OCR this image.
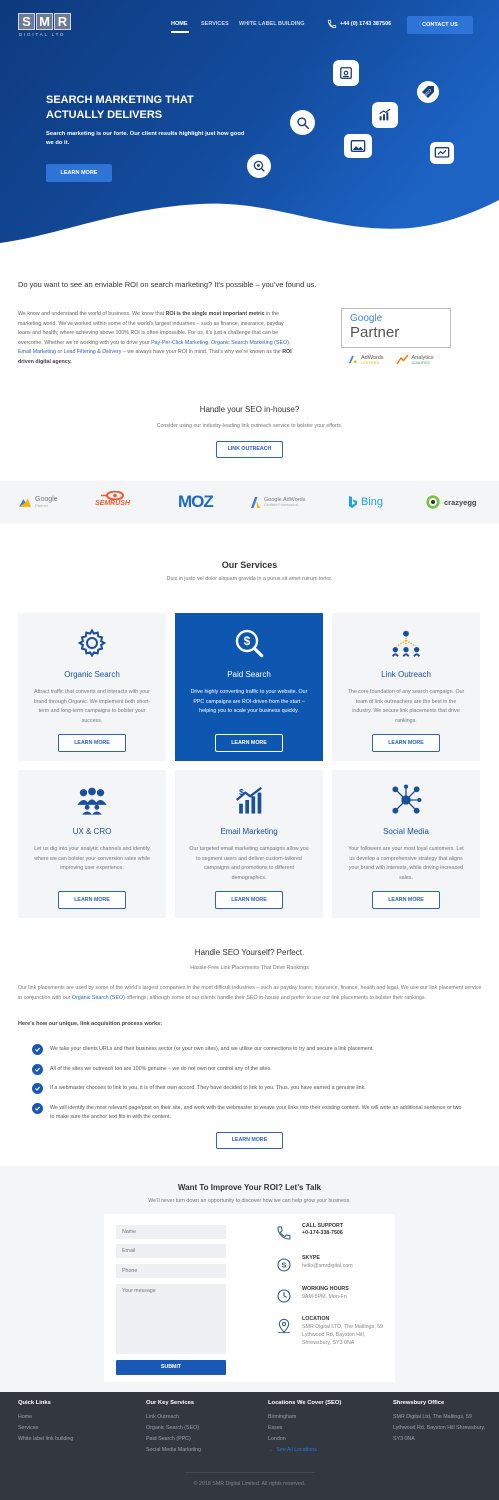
S M R
DIGITAL LTD
HOME SERVICES WHITE LABEL BUILDING	+44 (0) 1743 387506	CONTACT US
SEARCH MARKETING THAT ACTUALLY DELIVERS
Search marketing is our forte. Our client results highlight just how good we do it.
LEARN MORE
SEO
Do you want to see an enviable ROI on search marketing? It’s possible – you’ve found us.
We know and understand the world of business. We know that ROI is the single most important metric in the marketing world. We’ve worked within some of the world’s largest industries – such as finance, insurance, payday loans and health; where achieving above 100% ROI is often impossible. For us, it’s just a challenge that can be overcome. Whether we’re working with you to drive your Pay-Per-Click Marketing, Organic Search Marketing (SEO), Email Marketing or Lead Filtering & Delivery – we always have your ROI in mind. That’s why we’re known as the ROI driven digital agency.
Google
Partner
AdWords
CERTIFIED
Analytics
QUALIFIED
Handle your SEO in-house?
Consider using our industry-leading link outreach service to bolster your efforts.
LINK OUTREACH
Google
Partner	SEMRUSH	MOZ	Google AdWords
Certified Professional	Bing	crazyegg
Our Services
Duis in justo vel dolor aliquam gravida in a purus sit amet rutrum tortor.
Organic Search
Attract traffic that converts and interacts with your brand through Organic. We implement both short-term and long-term campaigns to bolster your success.
LEARN MORE
$
Paid Search
Drive highly converting traffic to your website. Our PPC campaigns are ROI-driven from the start – helping you to scale your business quickly.
LEARN MORE
Link Outreach
The core foundation of any search campaign. Our team of link outreachers are the best in the industry. We secure link placements that drive rankings.
LEARN MORE
UX & CRO
Let us dig into your analytic channels and identify where we can bolster your conversion rates while improving user experience.
LEARN MORE
$
Email Marketing
Our targeted email marketing campaigns allow you to segment users and deliver custom-tailored campaigns and promotions to different demographics.
LEARN MORE
Social Media
Your followers are your most loyal customers. Let us develop a comprehensive strategy that aligns your brand with interests, while driving increased sales.
LEARN MORE
Handle SEO Yourself? Perfect.
Hassle-Free Link Placements That Drive Rankings
Our link placements are used by some of the world’s largest companies in the most difficult industries – such as payday loans, insurance, finance, health and legal. We use our link placement service in conjunction with our Organic Search (SEO) offerings; although some of our clients handle their SEO in-house and prefer to use our link placements to bolster their rankings.
Here’s how our unique, link acquisition process works:
We take your clients URLs and their business sector (or your own sites), and we utilise our connections to try and secure a link placement.
All of the sites we outreach too are 100% genuine – we do not own nor control any of the sites.
If a webmaster chooses to link to you, it is of their own accord. They have decided to link to you. Thus, you have earned a genuine link.
We will identify the most relevant page/post on their site, and work with the webmaster to weave your links into their existing content. We will write an additional sentence or two to make sure the anchor text fits in with the content.
LEARN MORE
Want To Improve Your ROI? Let’s Talk
We’ll never turn down an opportunity to discover how we can help grow your business.
Name
Email
Phone
Your message
SUBMIT
CALL SUPPORT
+0-174-338-7506
S
SKYPE
hello@smrdigital.com
WORKING HOURS
9AM-5PM, Mon-Fri
LOCATION
SMR Digital LTD, The Maltings, 59 Lythwood Rd, Bayston Hill, Shrewsbury, SY3 0NA
Quick Links
Home
Services
White label link building
Our Key Services
Link Outreach
Organic Search (SEO)
Paid Search (PPC)
Social Media Marketing
Locations We Cover (SEO)
Birmingham
Essex
London
→ See All Locations
Shrewsbury Office
SMR Digital Ltd, The Maltings, 59 Lythwood Rd, Bayston Hill Shrewsbury, SY3 0NA
© 2018 SMR Digital Limited. All rights reserved.
